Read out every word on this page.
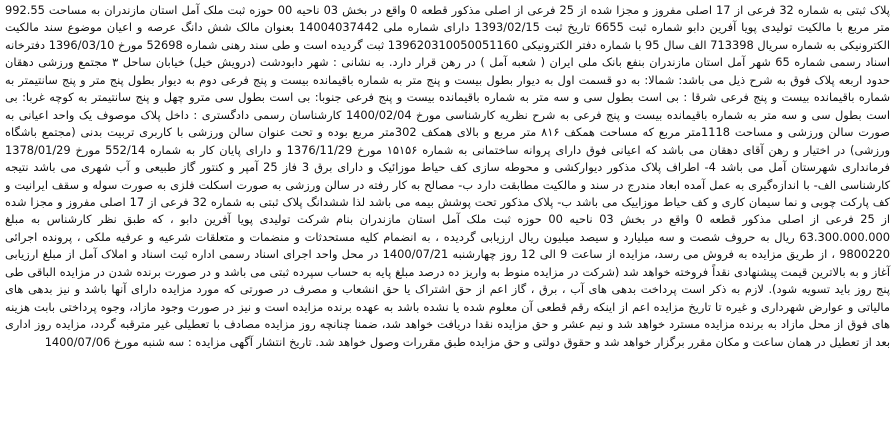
پلاک ثبتی به شماره 32 فرعی از 17 اصلی مفروز و مجزا شده از 25 فرعی از اصلی مذکور قطعه 0 واقع در بخش 03 ناحیه 00 حوزه ثبت ملک آمل استان مازندران به مساحت 992.55 متر مربع با مالکیت تولیدی پویا آفرین دابو شماره ثبت 6655 تاریخ ثبت 1393/02/15 دارای شماره ملی 14004037442 بعنوان مالک شش دانگ عرصه و اعیان موضوع سند مالکیت الکترونیکی به شماره سریال 713398 الف سال 95 با شماره دفتر الکترونیکی 139620310050051160 ثبت گردیده است و طی سند رهنی شماره 52698 مورخ 1396/03/10 دفترخانه اسناد رسمی شماره 65 شهر آمل استان مازندران بنفع بانک ملی ایران ( شعبه آمل ) در رهن قرار دارد. به نشانی : شهر دابودشت (درویش خیل) خیابان ساحل ۳ مجتمع ورزشی دهقان حدود اربعه پلاک فوق به شرح ذیل می باشد: شمالا: به دو قسمت اول به دیوار بطول بیست و پنج متر به شماره باقیمانده بیست و پنج فرعی دوم به دیوار بطول پنج متر و پنج سانتیمتر به شماره باقیمانده بیست و پنج فرعی شرقا : بی است بطول سی و سه متر به شماره باقیمانده بیست و پنج فرعی جنوبا: بی است بطول سی مترو چهل و پنج سانتیمتر به کوچه غربا: بی است بطول سی و سه متر به شماره باقیمانده بیست و پنج فرعی به شرح نظریه کارشناسی مورخ 1400/02/04 کارشناسان رسمی دادگستری : داخل پلاک موصوف یک واحد اعیانی به صورت سالن ورزشی و مساحت 1118متر مربع که مساحت همکف ۸۱۶ متر مربع و بالای همکف 302متر مربع بوده و تحت عنوان سالن ورزشی با کاربری تربیت بدنی (مجتمع باشگاه ورزشی) در اختیار و رهن آقای دهقان می باشد که اعیانی فوق دارای پروانه ساختمانی به شماره ۱۵۱۵۶ مورخ 1376/11/29 و دارای پایان کار به شماره 552/14 مورخ 1378/01/29 فرمانداری شهرستان آمل می باشد 4- اطراف پلاک مذکور دیوارکشی و محوطه سازی کف حیاط موزائیک و دارای برق 3 فاز 25 آمپر و کنتور گاز طبیعی و آب شهری می باشد نتیجه کارشناسی الف- با اندازه‌گیری به عمل آمده ابعاد مندرج در سند و مالکیت مطابقت دارد ب- مصالح به کار رفته در سالن ورزشی به صورت اسکلت فلزی به صورت سوله و سقف ایرانیت و کف پارکت چوبی و نما سیمان کاری و کف حیاط موزاییک می باشد ب- پلاک مذکور تحت پوشش بیمه می باشد لذا ششدانگ پلاک ثبتی به شماره 32 فرعی از 17 اصلی مفروز و مجزا شده از 25 فرعی از اصلی مذکور قطعه 0 واقع در بخش 03 ناحیه 00 حوزه ثبت ملک آمل استان مازندران بنام شرکت تولیدی پویا آفرین دابو ، که طبق نظر کارشناس به مبلغ 63.300.000.000 ریال به حروف شصت و سه میلیارد و سیصد میلیون ریال ارزیابی گردیده ، به انضمام کلیه مستحدثات و منضمات و متعلقات شرعیه و عرفیه ملکی ، پرونده اجرائی 9800220 ، از طریق مزایده به فروش می رسد، مزایده از ساعت 9 الی 12 روز چهارشنبه 1400/07/21 در محل واحد اجرای اسناد رسمی اداره ثبت اسناد و املاک آمل از مبلغ ارزیابی آغاز و به بالاترین قیمت پیشنهادی نقداً فروخته خواهد شد (شرکت در مزایده منوط به واریز ده درصد مبلغ پایه به حساب سپرده ثبتی می باشد و در صورت برنده شدن در مزایده الباقی طی پنج روز باید تسویه شود). لازم به ذکر است پرداخت بدهی های آب ، برق ، گاز اعم از حق اشتراک یا حق انشعاب و مصرف در صورتی که مورد مزایده دارای آنها باشد و نیز بدهی های مالیاتی و عوارض شهرداری و غیره تا تاریخ مزایده اعم از اینکه رقم قطعی آن معلوم شده یا نشده باشد به عهده برنده مزایده است و نیز در صورت وجود مازاد، وجوه پرداختی بابت هزینه های فوق از محل مازاد به برنده مزایده مسترد خواهد شد و نیم عشر و حق مزایده نقدا دریافت خواهد شد، ضمنا چنانچه روز مزایده مصادف با تعطیلی غیر مترقبه گردد، مزایده روز اداری بعد از تعطیل در همان ساعت و مکان مقرر برگزار خواهد شد و حقوق دولتی و حق مزایده طبق مقررات وصول خواهد شد. تاریخ انتشار آگهی مزایده : سه شنبه مورخ 1400/07/06
